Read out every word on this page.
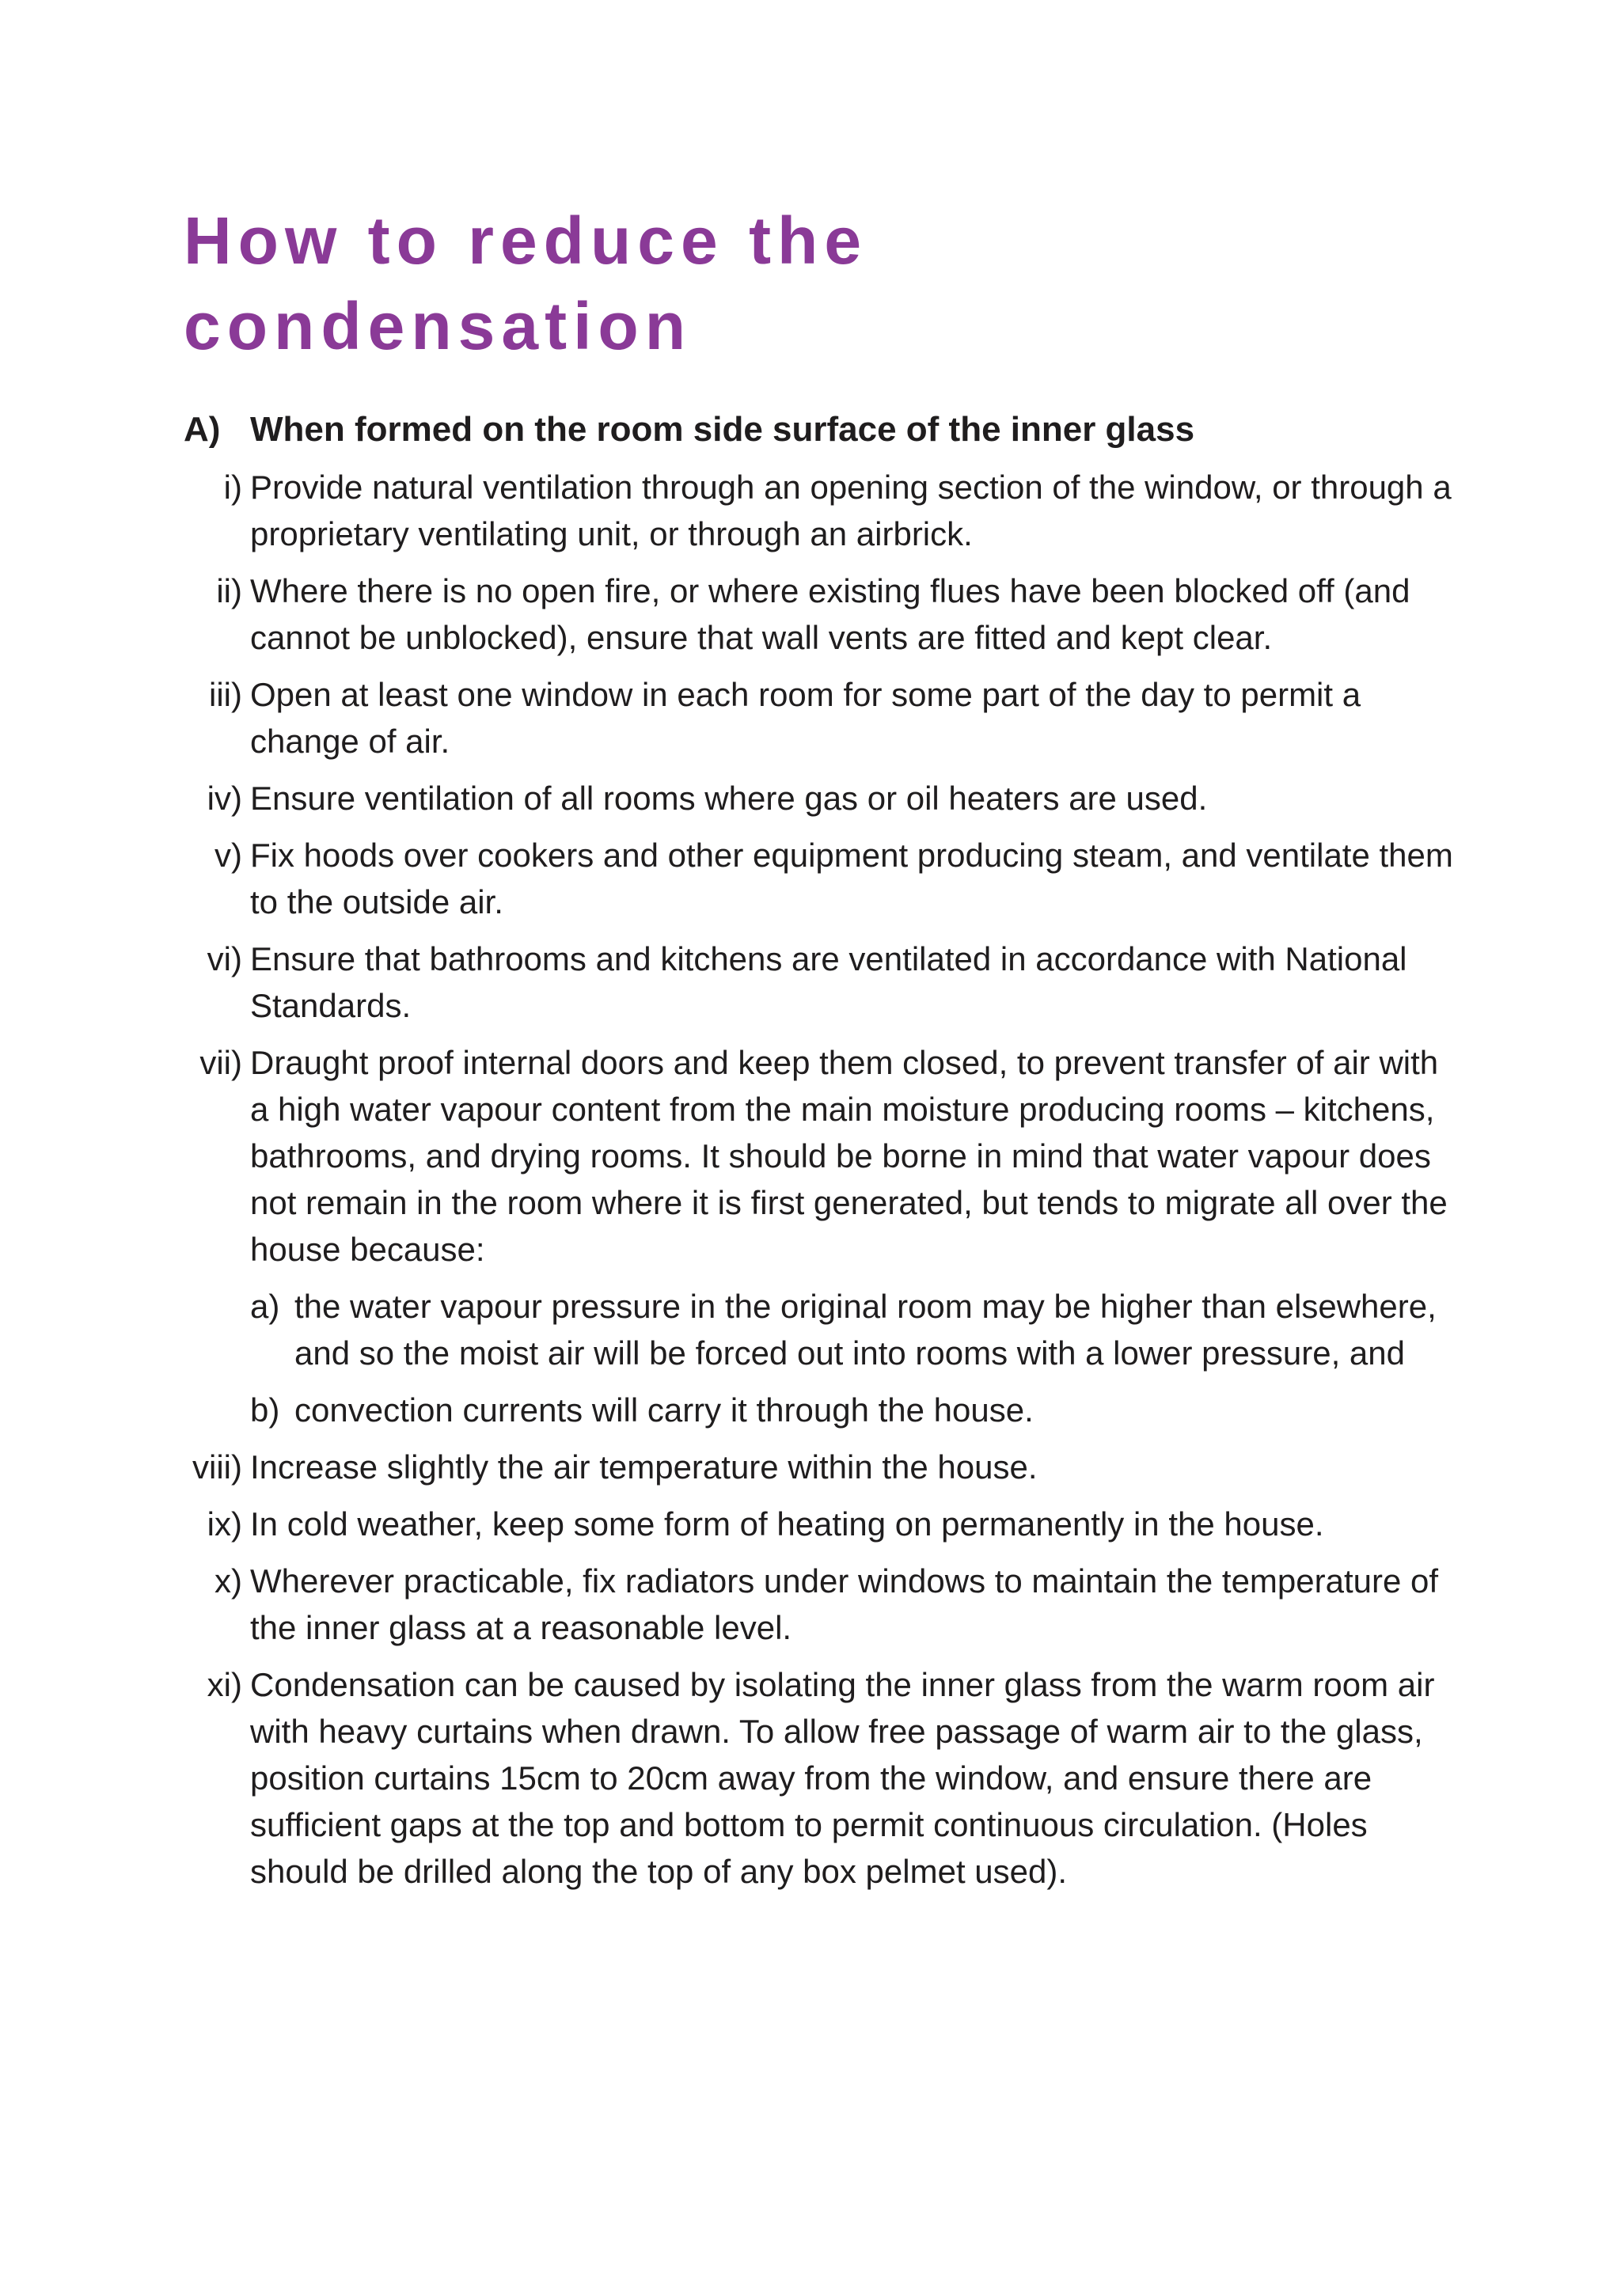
How to reduce the
condensation
A) When formed on the room side surface of the inner glass
i) Provide natural ventilation through an opening section of the window, or through a proprietary ventilating unit, or through an airbrick.
ii) Where there is no open fire, or where existing flues have been blocked off (and cannot be unblocked), ensure that wall vents are fitted and kept clear.
iii) Open at least one window in each room for some part of the day to permit a change of air.
iv) Ensure ventilation of all rooms where gas or oil heaters are used.
v) Fix hoods over cookers and other equipment producing steam, and ventilate them to the outside air.
vi) Ensure that bathrooms and kitchens are ventilated in accordance with National Standards.
vii) Draught proof internal doors and keep them closed, to prevent transfer of air with a high water vapour content from the main moisture producing rooms – kitchens, bathrooms, and drying rooms. It should be borne in mind that water vapour does not remain in the room where it is first generated, but tends to migrate all over the house because:
a) the water vapour pressure in the original room may be higher than elsewhere, and so the moist air will be forced out into rooms with a lower pressure, and
b) convection currents will carry it through the house.
viii) Increase slightly the air temperature within the house.
ix) In cold weather, keep some form of heating on permanently in the house.
x) Wherever practicable, fix radiators under windows to maintain the temperature of the inner glass at a reasonable level.
xi) Condensation can be caused by isolating the inner glass from the warm room air with heavy curtains when drawn. To allow free passage of warm air to the glass, position curtains 15cm to 20cm away from the window, and ensure there are sufficient gaps at the top and bottom to permit continuous circulation. (Holes should be drilled along the top of any box pelmet used).
